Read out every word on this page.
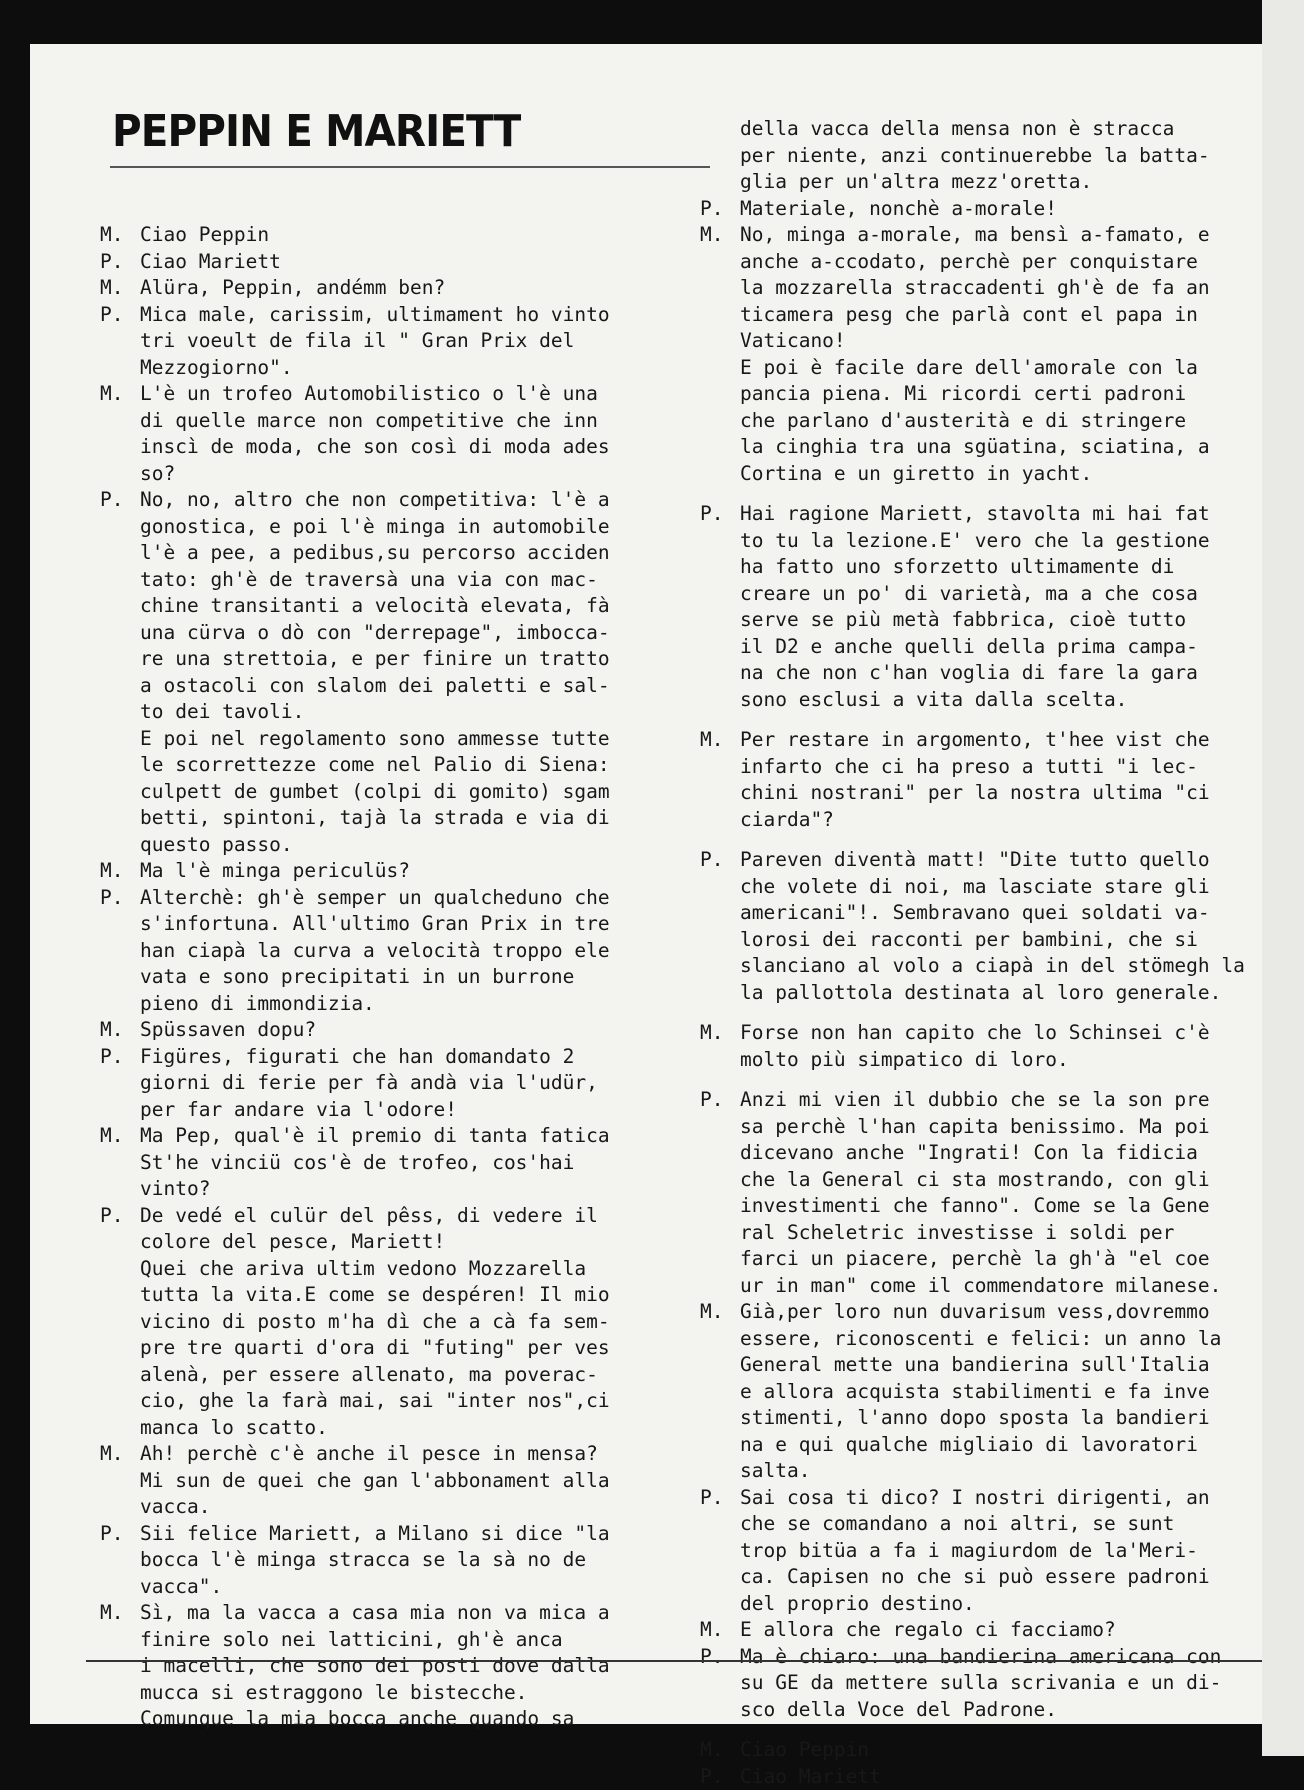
PEPPIN E MARIETT
M. Ciao Peppin
P. Ciao Mariett
M. Alüra, Peppin, andémm ben?
P. Mica male, carissim, ultimament ho vinto
tri voeult de fila il " Gran Prix del
Mezzogiorno".
M. L'è un trofeo Automobilistico o l'è una
di quelle marce non competitive che inn
inscì de moda, che son così di moda ades
so?
P. No, no, altro che non competitiva: l'è a
gonostica, e poi l'è minga in automobile
l'è a pee, a pedibus,su percorso acciden
tato: gh'è de traversà una via con mac-
chine transitanti a velocità elevata, fà
una cürva o dò con "derrepage", imbocca-
re una strettoia, e per finire un tratto
a ostacoli con slalom dei paletti e sal-
to dei tavoli.
E poi nel regolamento sono ammesse tutte
le scorrettezze come nel Palio di Siena:
culpett de gumbet (colpi di gomito) sgam
betti, spintoni, tajà la strada e via di
questo passo.
M. Ma l'è minga periculüs?
P. Alterchè: gh'è semper un qualcheduno che
s'infortuna. All'ultimo Gran Prix in tre
han ciapà la curva a velocità troppo ele
vata e sono precipitati in un burrone
pieno di immondizia.
M. Spüssaven dopu?
P. Figüres, figurati che han domandato 2
giorni di ferie per fà andà via l'udür,
per far andare via l'odore!
M. Ma Pep, qual'è il premio di tanta fatica
St'he vinciü cos'è de trofeo, cos'hai
vinto?
P. De vedé el culür del pêss, di vedere il
colore del pesce, Mariett!
Quei che ariva ultim vedono Mozzarella
tutta la vita.E come se despéren! Il mio
vicino di posto m'ha dì che a cà fa sem-
pre tre quarti d'ora di "futing" per ves
alenà, per essere allenato, ma poverac-
cio, ghe la farà mai, sai "inter nos",ci
manca lo scatto.
M. Ah! perchè c'è anche il pesce in mensa?
Mi sun de quei che gan l'abbonament alla
vacca.
P. Sii felice Mariett, a Milano si dice "la
bocca l'è minga stracca se la sà no de
vacca".
M. Sì, ma la vacca a casa mia non va mica a
finire solo nei latticini, gh'è anca
i macelli, che sono dei posti dove dalla
mucca si estraggono le bistecche.
Comunque la mia bocca anche quando sa
della vacca della mensa non è stracca
per niente, anzi continuerebbe la batta-
glia per un'altra mezz'oretta.
P. Materiale, nonchè a-morale!
M. No, minga a-morale, ma bensì a-famato, e
anche a-ccodato, perchè per conquistare
la mozzarella straccadenti gh'è de fa an
ticamera pesg che parlà cont el papa in
Vaticano!
E poi è facile dare dell'amorale con la
pancia piena. Mi ricordi certi padroni
che parlano d'austerità e di stringere
la cinghia tra una sgüatina, sciatina, a
Cortina e un giretto in yacht.
P. Hai ragione Mariett, stavolta mi hai fat
to tu la lezione.E' vero che la gestione
ha fatto uno sforzetto ultimamente di
creare un po' di varietà, ma a che cosa
serve se più metà fabbrica, cioè tutto
il D2 e anche quelli della prima campa-
na che non c'han voglia di fare la gara
sono esclusi a vita dalla scelta.
M. Per restare in argomento, t'hee vist che
infarto che ci ha preso a tutti "i lec-
chini nostrani" per la nostra ultima "ci
ciarda"?
P. Pareven diventà matt! "Dite tutto quello
che volete di noi, ma lasciate stare gli
americani"!. Sembravano quei soldati va-
lorosi dei racconti per bambini, che si
slanciano al volo a ciapà in del stömegh la
la pallottola destinata al loro generale.
M. Forse non han capito che lo Schinsei c'è
molto più simpatico di loro.
P. Anzi mi vien il dubbio che se la son pre
sa perchè l'han capita benissimo. Ma poi
dicevano anche "Ingrati! Con la fidicia
che la General ci sta mostrando, con gli
investimenti che fanno". Come se la Gene
ral Scheletric investisse i soldi per
farci un piacere, perchè la gh'à "el coe
ur in man" come il commendatore milanese.
M. Già,per loro nun duvarisum vess,dovremmo
essere, riconoscenti e felici: un anno la
General mette una bandierina sull'Italia
e allora acquista stabilimenti e fa inve
stimenti, l'anno dopo sposta la bandieri
na e qui qualche migliaio di lavoratori
salta.
P. Sai cosa ti dico? I nostri dirigenti, an
che se comandano a noi altri, se sunt
trop bitüa a fa i magiurdom de la'Meri-
ca. Capisen no che si può essere padroni
del proprio destino.
M. E allora che regalo ci facciamo?
P. Ma è chiaro: una bandierina americana con
su GE da mettere sulla scrivania e un di-
sco della Voce del Padrone.
M. Ciao Peppin
P. Ciao Mariett
